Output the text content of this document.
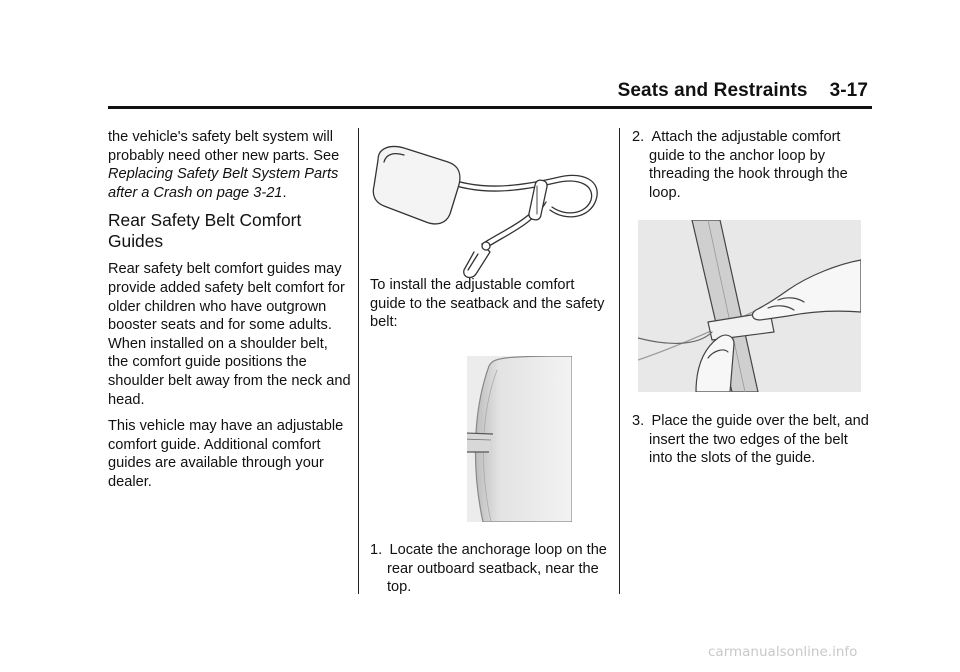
Seats and Restraints 3-17

the vehicle's safety belt system will probably need other new parts. See Replacing Safety Belt System Parts after a Crash on page 3-21.

Rear Safety Belt Comfort Guides

Rear safety belt comfort guides may provide added safety belt comfort for older children who have outgrown booster seats and for some adults. When installed on a shoulder belt, the comfort guide positions the shoulder belt away from the neck and head.

This vehicle may have an adjustable comfort guide. Additional comfort guides are available through your dealer.

To install the adjustable comfort guide to the seatback and the safety belt:

1. Locate the anchorage loop on the rear outboard seatback, near the top.

2. Attach the adjustable comfort guide to the anchor loop by threading the hook through the loop.

3. Place the guide over the belt, and insert the two edges of the belt into the slots of the guide.

carmanualsonline.info
